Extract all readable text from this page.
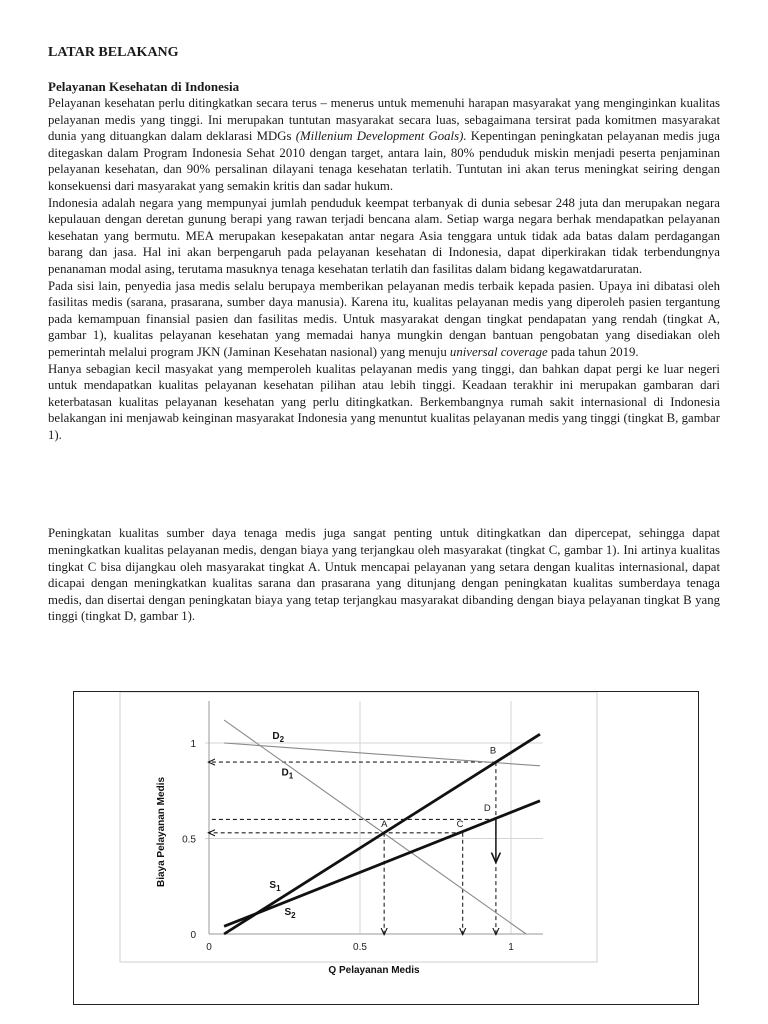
LATAR BELAKANG
Pelayanan Kesehatan di Indonesia

Pelayanan kesehatan perlu ditingkatkan secara terus – menerus untuk memenuhi harapan masyarakat yang menginginkan kualitas pelayanan medis yang tinggi. Ini merupakan tuntutan masyarakat secara luas, sebagaimana tersirat pada komitmen masyarakat dunia yang dituangkan dalam deklarasi MDGs (Millenium Development Goals). Kepentingan peningkatan pelayanan medis juga ditegaskan dalam Program Indonesia Sehat 2010 dengan target, antara lain, 80% penduduk miskin menjadi peserta penjaminan pelayanan kesehatan, dan 90% persalinan dilayani tenaga kesehatan terlatih. Tuntutan ini akan terus meningkat seiring dengan konsekuensi dari masyarakat yang semakin kritis dan sadar hukum.

Indonesia adalah negara yang mempunyai jumlah penduduk keempat terbanyak di dunia sebesar 248 juta dan merupakan negara kepulauan dengan deretan gunung berapi yang rawan terjadi bencana alam. Setiap warga negara berhak mendapatkan pelayanan kesehatan yang bermutu. MEA merupakan kesepakatan antar negara Asia tenggara untuk tidak ada batas dalam perdagangan barang dan jasa. Hal ini akan berpengaruh pada pelayanan kesehatan di Indonesia, dapat diperkirakan tidak terbendungnya penanaman modal asing, terutama masuknya tenaga kesehatan terlatih dan fasilitas dalam bidang kegawatdaruratan.

Pada sisi lain, penyedia jasa medis selalu berupaya memberikan pelayanan medis terbaik kepada pasien. Upaya ini dibatasi oleh fasilitas medis (sarana, prasarana, sumber daya manusia). Karena itu, kualitas pelayanan medis yang diperoleh pasien tergantung pada kemampuan finansial pasien dan fasilitas medis. Untuk masyarakat dengan tingkat pendapatan yang rendah (tingkat A, gambar 1), kualitas pelayanan kesehatan yang memadai hanya mungkin dengan bantuan pengobatan yang disediakan oleh pemerintah melalui program JKN (Jaminan Kesehatan nasional) yang menuju universal coverage pada tahun 2019.

Hanya sebagian kecil masyakat yang memperoleh kualitas pelayanan medis yang tinggi, dan bahkan dapat pergi ke luar negeri untuk mendapatkan kualitas pelayanan kesehatan pilihan atau lebih tinggi. Keadaan terakhir ini merupakan gambaran dari keterbatasan kualitas pelayanan kesehatan yang perlu ditingkatkan. Berkembangnya rumah sakit internasional di Indonesia belakangan ini menjawab keinginan masyarakat Indonesia yang menuntut kualitas pelayanan medis yang tinggi (tingkat B, gambar 1).

Peningkatan kualitas sumber daya tenaga medis juga sangat penting untuk ditingkatkan dan dipercepat, sehingga dapat meningkatkan kualitas pelayanan medis, dengan biaya yang terjangkau oleh masyarakat (tingkat C, gambar 1). Ini artinya kualitas tingkat C bisa dijangkau oleh masyarakat tingkat A. Untuk mencapai pelayanan yang setara dengan kualitas internasional, dapat dicapai dengan meningkatkan kualitas sarana dan prasarana yang ditunjang dengan peningkatan kualitas sumberdaya tenaga medis, dan disertai dengan peningkatan biaya yang tetap terjangkau masyarakat dibanding dengan biaya pelayanan tingkat B yang tinggi (tingkat D, gambar 1).

0	0.5	1
0
0.5
1
$D_2$
$D_1$
$S_1$
$S_2$
A
B
C
D
Q Pelayanan Medis
Biaya Pelayanan Medis
